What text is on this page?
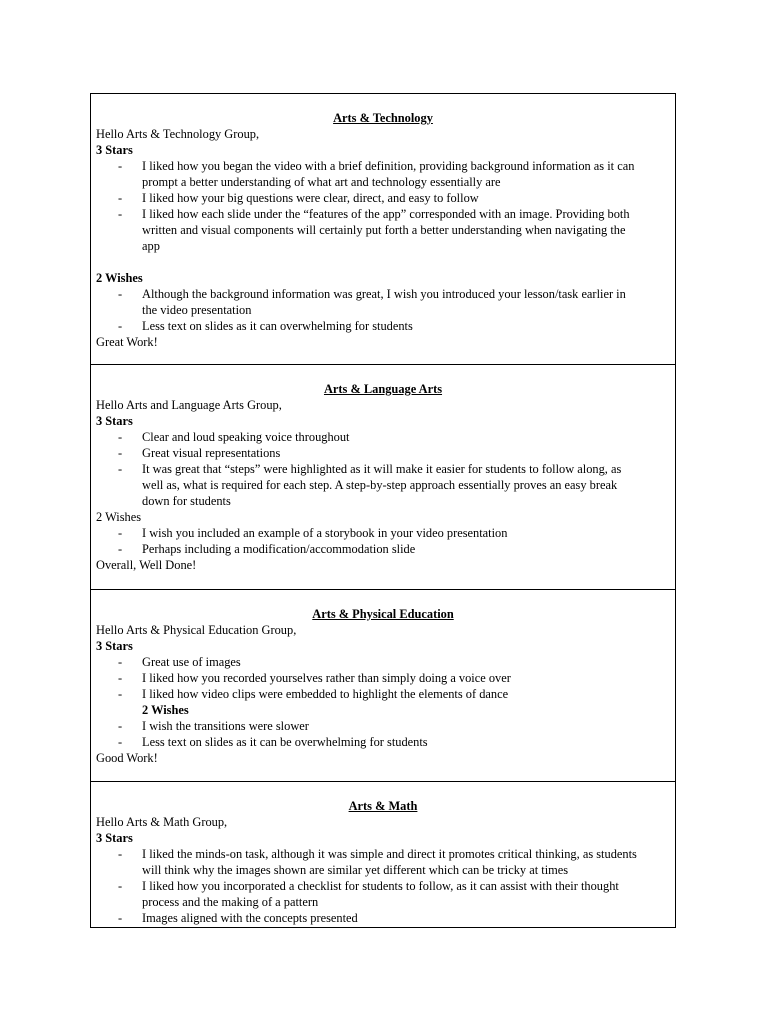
Arts & Technology
Hello Arts & Technology Group,
3 Stars
- I liked how you began the video with a brief definition, providing background information as it can
prompt a better understanding of what art and technology essentially are
- I liked how your big questions were clear, direct, and easy to follow
- I liked how each slide under the “features of the app” corresponded with an image. Providing both
written and visual components will certainly put forth a better understanding when navigating the
app
2 Wishes
- Although the background information was great, I wish you introduced your lesson/task earlier in
the video presentation
- Less text on slides as it can overwhelming for students
Great Work!
Arts & Language Arts
Hello Arts and Language Arts Group,
3 Stars
- Clear and loud speaking voice throughout
- Great visual representations
- It was great that “steps” were highlighted as it will make it easier for students to follow along, as
well as, what is required for each step. A step-by-step approach essentially proves an easy break
down for students
2 Wishes
- I wish you included an example of a storybook in your video presentation
- Perhaps including a modification/accommodation slide
Overall, Well Done!
Arts & Physical Education
Hello Arts & Physical Education Group,
3 Stars
- Great use of images
- I liked how you recorded yourselves rather than simply doing a voice over
- I liked how video clips were embedded to highlight the elements of dance
2 Wishes
- I wish the transitions were slower
- Less text on slides as it can be overwhelming for students
Good Work!
Arts & Math
Hello Arts & Math Group,
3 Stars
- I liked the minds-on task, although it was simple and direct it promotes critical thinking, as students
will think why the images shown are similar yet different which can be tricky at times
- I liked how you incorporated a checklist for students to follow, as it can assist with their thought
process and the making of a pattern
- Images aligned with the concepts presented
